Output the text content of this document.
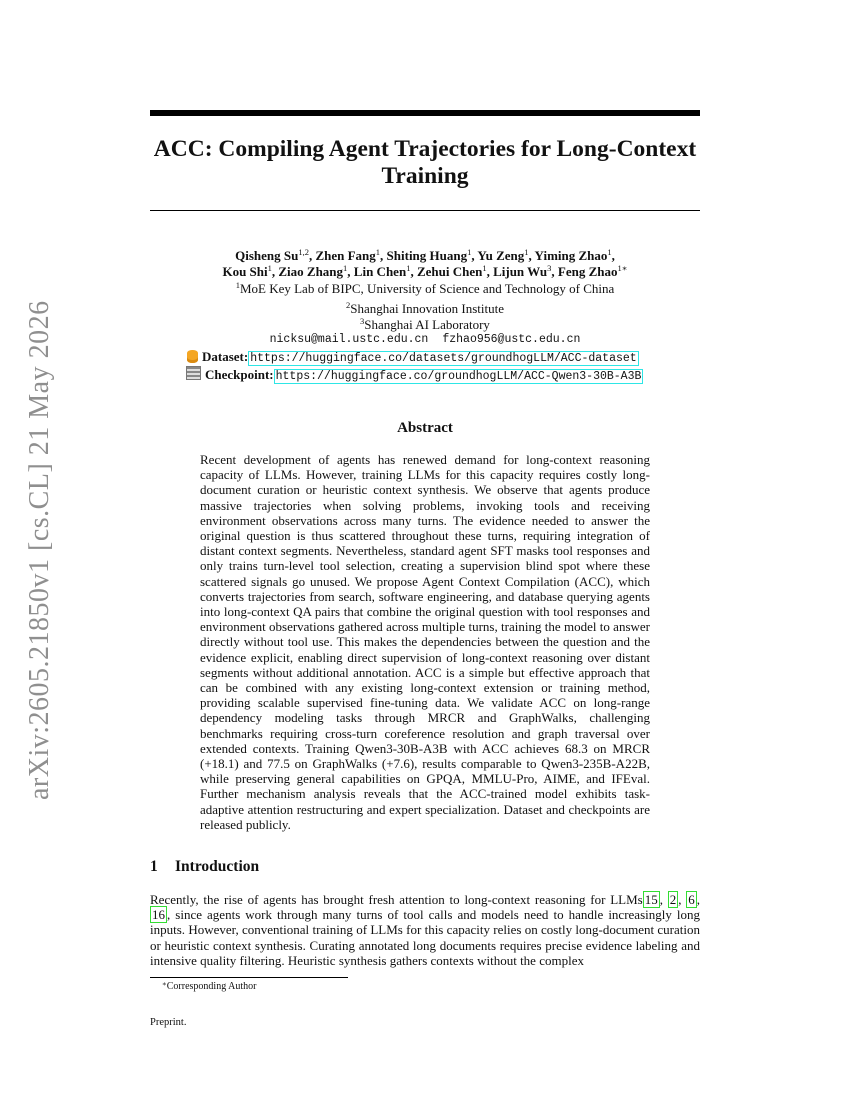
arXiv:2605.21850v1 [cs.CL] 21 May 2026
ACC: Compiling Agent Trajectories for Long-Context Training
Qisheng Su$^{1,2}$, Zhen Fang$^1$, Shiting Huang$^1$, Yu Zeng$^1$, Yiming Zhao$^1$,
Kou Shi$^1$, Ziao Zhang$^1$, Lin Chen$^1$, Zehui Chen$^1$, Lijun Wu$^3$, Feng Zhao$^{1∗}$
$^1$MoE Key Lab of BIPC, University of Science and Technology of China
$^2$Shanghai Innovation Institute
$^3$Shanghai AI Laboratory
nicksu@mail.ustc.edu.cn fzhao956@ustc.edu.cn
Dataset: https://huggingface.co/datasets/groundhogLLM/ACC-dataset
Checkpoint: https://huggingface.co/groundhogLLM/ACC-Qwen3-30B-A3B
Abstract
Recent development of agents has renewed demand for long-context reasoning capacity of LLMs. However, training LLMs for this capacity requires costly long-document curation or heuristic context synthesis. We observe that agents produce massive trajectories when solving problems, invoking tools and receiving environment observations across many turns. The evidence needed to answer the original question is thus scattered throughout these turns, requiring integration of distant context segments. Nevertheless, standard agent SFT masks tool responses and only trains turn-level tool selection, creating a supervision blind spot where these scattered signals go unused. We propose Agent Context Compilation (ACC), which converts trajectories from search, software engineering, and database querying agents into long-context QA pairs that combine the original question with tool responses and environment observations gathered across multiple turns, training the model to answer directly without tool use. This makes the dependencies between the question and the evidence explicit, enabling direct supervision of long-context reasoning over distant segments without additional annotation. ACC is a simple but effective approach that can be combined with any existing long-context extension or training method, providing scalable supervised fine-tuning data. We validate ACC on long-range dependency modeling tasks through MRCR and GraphWalks, challenging benchmarks requiring cross-turn coreference resolution and graph traversal over extended contexts. Training Qwen3-30B-A3B with ACC achieves 68.3 on MRCR (+18.1) and 77.5 on GraphWalks (+7.6), results comparable to Qwen3-235B-A22B, while preserving general capabilities on GPQA, MMLU-Pro, AIME, and IFEval. Further mechanism analysis reveals that the ACC-trained model exhibits task-adaptive attention restructuring and expert specialization. Dataset and checkpoints are released publicly.
1 Introduction
Recently, the rise of agents has brought fresh attention to long-context reasoning for LLMs 15 , 2 , 6 , 16 , since agents work through many turns of tool calls and models need to handle increasingly long inputs. However, conventional training of LLMs for this capacity relies on costly long-document curation or heuristic context synthesis. Curating annotated long documents requires precise evidence labeling and intensive quality filtering. Heuristic synthesis gathers contexts without the complex
∗Corresponding Author
Preprint.
